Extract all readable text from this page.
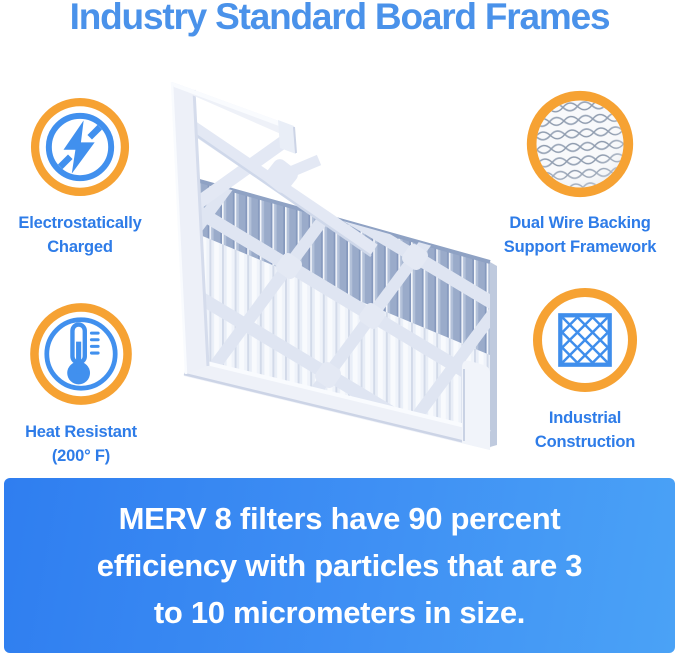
Industry Standard Board Frames
Electrostatically
Charged
Dual Wire Backing
Support Framework
Heat Resistant
(200° F)
Industrial
Construction
MERV 8 filters have 90 percent
efficiency with particles that are 3
to 10 micrometers in size.
